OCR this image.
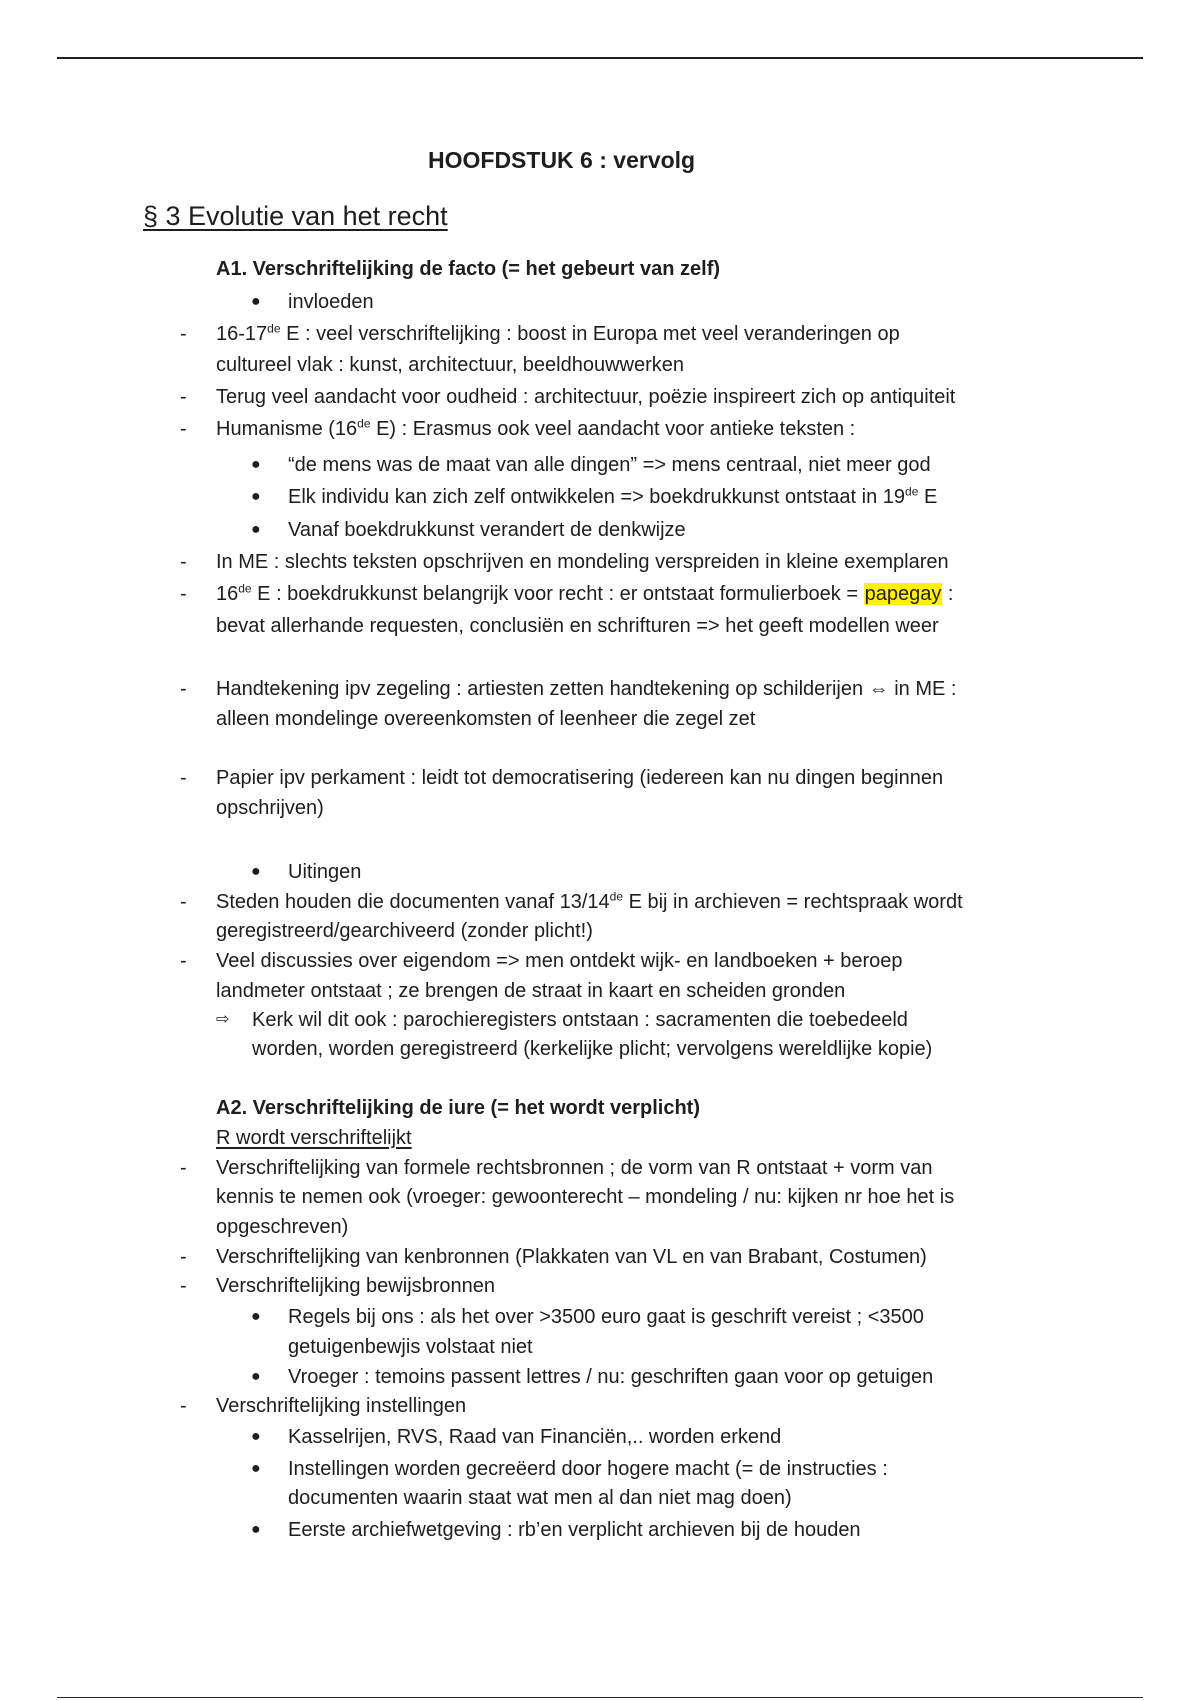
HOOFDSTUK 6 : vervolg
§ 3 Evolutie van het recht
A1. Verschriftelijking de facto (= het gebeurt van zelf)
● invloeden
- 16-17de E : veel verschriftelijking : boost in Europa met veel veranderingen op
cultureel vlak : kunst, architectuur, beeldhouwwerken
- Terug veel aandacht voor oudheid : architectuur, poëzie inspireert zich op antiquiteit
- Humanisme (16de E) : Erasmus ook veel aandacht voor antieke teksten :
● “de mens was de maat van alle dingen” => mens centraal, niet meer god
● Elk individu kan zich zelf ontwikkelen => boekdrukkunst ontstaat in 19de E
● Vanaf boekdrukkunst verandert de denkwijze
- In ME : slechts teksten opschrijven en mondeling verspreiden in kleine exemplaren
- 16de E : boekdrukkunst belangrijk voor recht : er ontstaat formulierboek = papegay :
bevat allerhande requesten, conclusiën en schrifturen => het geeft modellen weer
- Handtekening ipv zegeling : artiesten zetten handtekening op schilderijen ⇔ in ME :
alleen mondelinge overeenkomsten of leenheer die zegel zet
- Papier ipv perkament : leidt tot democratisering (iedereen kan nu dingen beginnen
opschrijven)
● Uitingen
- Steden houden die documenten vanaf 13/14de E bij in archieven = rechtspraak wordt
geregistreerd/gearchiveerd (zonder plicht!)
- Veel discussies over eigendom => men ontdekt wijk- en landboeken + beroep
landmeter ontstaat ; ze brengen de straat in kaart en scheiden gronden
⇨ Kerk wil dit ook : parochieregisters ontstaan : sacramenten die toebedeeld
worden, worden geregistreerd (kerkelijke plicht; vervolgens wereldlijke kopie)
A2. Verschriftelijking de iure (= het wordt verplicht)
R wordt verschriftelijkt
- Verschriftelijking van formele rechtsbronnen ; de vorm van R ontstaat + vorm van
kennis te nemen ook (vroeger: gewoonterecht – mondeling / nu: kijken nr hoe het is
opgeschreven)
- Verschriftelijking van kenbronnen (Plakkaten van VL en van Brabant, Costumen)
- Verschriftelijking bewijsbronnen
● Regels bij ons : als het over >3500 euro gaat is geschrift vereist ; <3500
getuigenbewjis volstaat niet
● Vroeger : temoins passent lettres / nu: geschriften gaan voor op getuigen
- Verschriftelijking instellingen
● Kasselrijen, RVS, Raad van Financiën,.. worden erkend
● Instellingen worden gecreëerd door hogere macht (= de instructies :
documenten waarin staat wat men al dan niet mag doen)
● Eerste archiefwetgeving : rb’en verplicht archieven bij de houden
